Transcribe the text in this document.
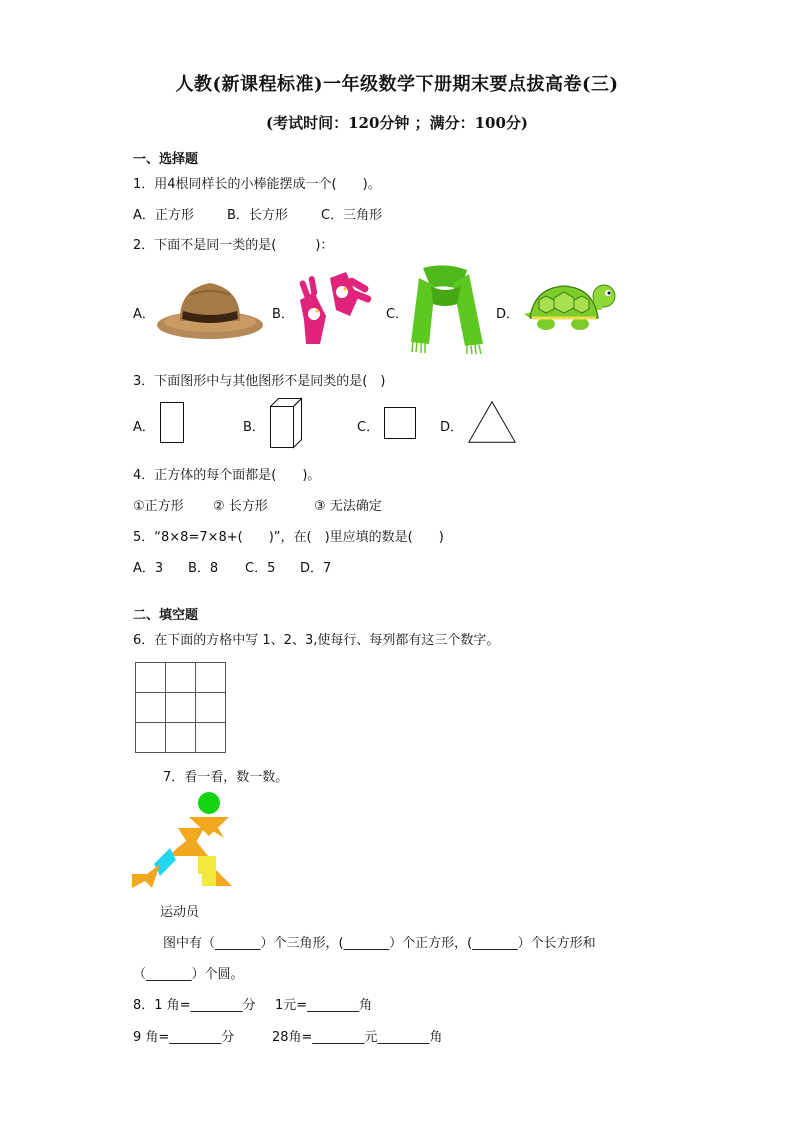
人教(新课程标准)一年级数学下册期末要点拔高卷(三)
(考试时间：120分钟 ；满分：100分)
一、选择题
1．用4根同样长的小棒能摆成一个(　　)。
A．正方形	B．长方形	C．三角形
2．下面不是同一类的是(　　　)：
A．	B．	C．	D．
3．下面图形中与其他图形不是同类的是(　)
A．	B．	C．	D．
4．正方体的每个面都是(　　)。
①正方形 ② 长方形	③ 无法确定
5．“8×8=7×8+(　　)”，在(　)里应填的数是(　　)
A．3 B．8 C．5 D．7
二、填空题
6．在下面的方格中写 1、2、3,使每行、每列都有这三个数字。
7．看一看，数一数。
运动员
图中有（_______）个三角形，(_______）个正方形，(_______）个长方形和
（_______）个圆。
8．1 角=________分 1元=________角
9 角=________分	28角=________元________角
